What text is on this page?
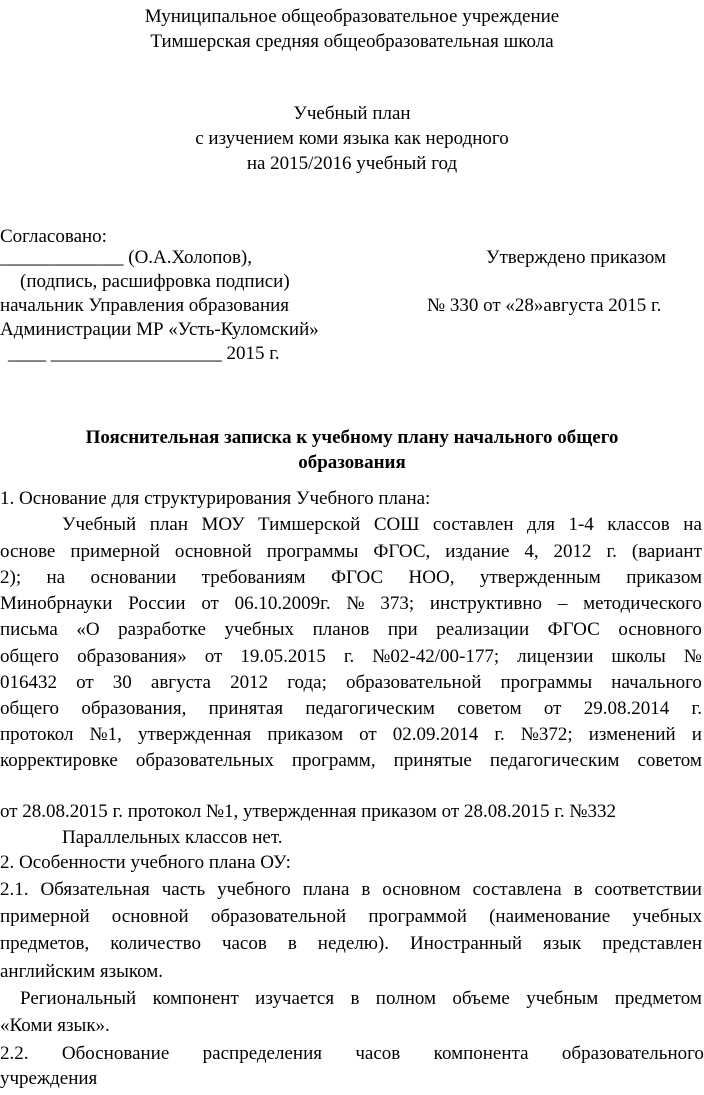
Муниципальное общеобразовательное учреждение
Тимшерская средняя общеобразовательная школа
Учебный план
с изучением коми языка как неродного
на 2015/2016 учебный год
Согласовано:
_____________ (О.А.Холопов),	Утверждено приказом
(подпись, расшифровка подписи)
начальник Управления образования	№ 330 от «28»августа 2015 г.
Администрации МР «Усть-Куломский»
____ __________________ 2015 г.
Пояснительная записка к учебному плану начального общего
образования
1. Основание для структурирования Учебного плана:
Учебный план МОУ Тимшерской СОШ составлен для 1-4 классов на
основе примерной основной программы ФГОС, издание 4, 2012 г. (вариант
2); на основании требованиям ФГОС НОО, утвержденным приказом
Минобрнауки России от 06.10.2009г. № 373; инструктивно – методического
письма «О разработке учебных планов при реализации ФГОС основного
общего образования» от 19.05.2015 г. №02-42/00-177; лицензии школы №
016432 от 30 августа 2012 года; образовательной программы начального
общего образования, принятая педагогическим советом от 29.08.2014 г.
протокол №1, утвержденная приказом от 02.09.2014 г. №372; изменений и
корректировке образовательных программ, принятые педагогическим советом
от 28.08.2015 г. протокол №1, утвержденная приказом от 28.08.2015 г. №332
Параллельных классов нет.
2. Особенности учебного плана ОУ:
2.1. Обязательная часть учебного плана в основном составлена в соответствии
примерной основной образовательной программой (наименование учебных
предметов, количество часов в неделю). Иностранный язык представлен
английским языком.
Региональный компонент изучается в полном объеме учебным предметом
«Коми язык».
2.2. Обоснование распределения часов компонента образовательного
учреждения
